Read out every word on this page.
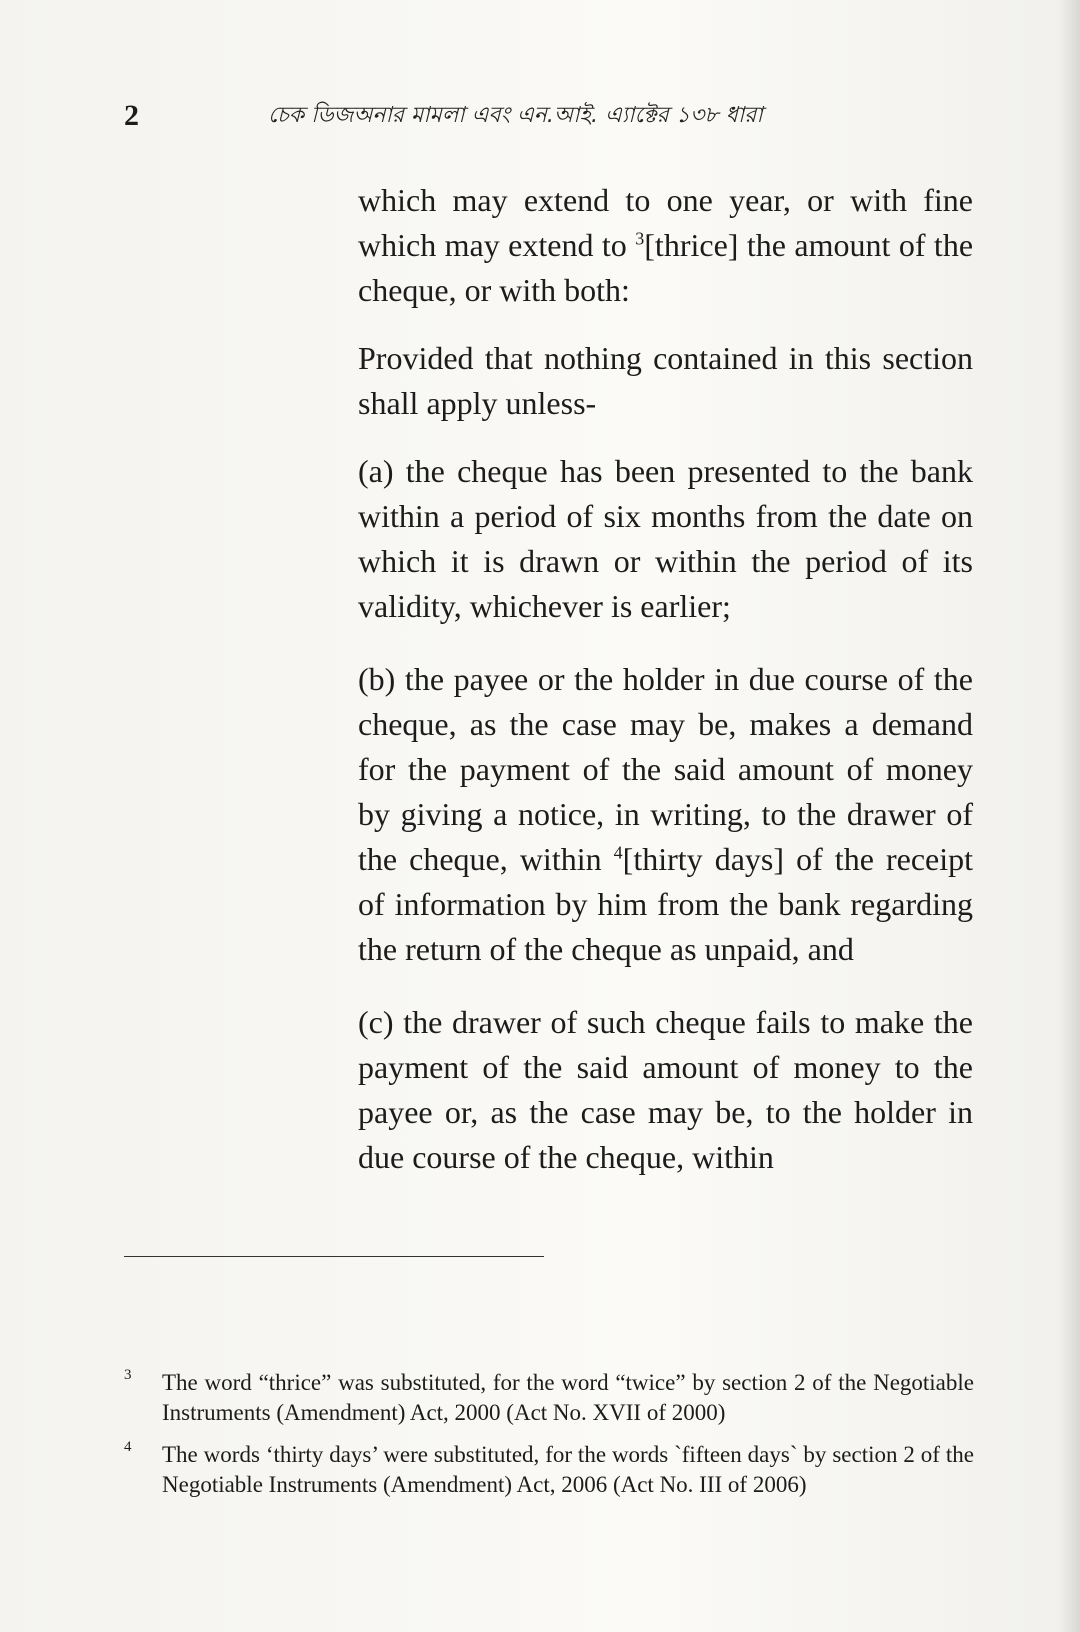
2	চেক ডিজঅনার মামলা এবং এন.আই. এ্যাক্টের ১৩৮ ধারা

which may extend to one year, or with fine which may extend to $^3$[thrice] the amount of the cheque, or with both:

Provided that nothing contained in this section shall apply unless-

(a) the cheque has been presented to the bank within a period of six months from the date on which it is drawn or within the period of its validity, whichever is earlier;

(b) the payee or the holder in due course of the cheque, as the case may be, makes a demand for the payment of the said amount of money by giving a notice, in writing, to the drawer of the cheque, within $^4$[thirty days] of the receipt of information by him from the bank regarding the return of the cheque as unpaid, and

(c) the drawer of such cheque fails to make the payment of the said amount of money to the payee or, as the case may be, to the holder in due course of the cheque, within

3 The word “thrice” was substituted, for the word “twice” by section 2 of the Negotiable Instruments (Amendment) Act, 2000 (Act No. XVII of 2000)
4 The words ‘thirty days’ were substituted, for the words `fifteen days` by section 2 of the Negotiable Instruments (Amendment) Act, 2006 (Act No. III of 2006)
